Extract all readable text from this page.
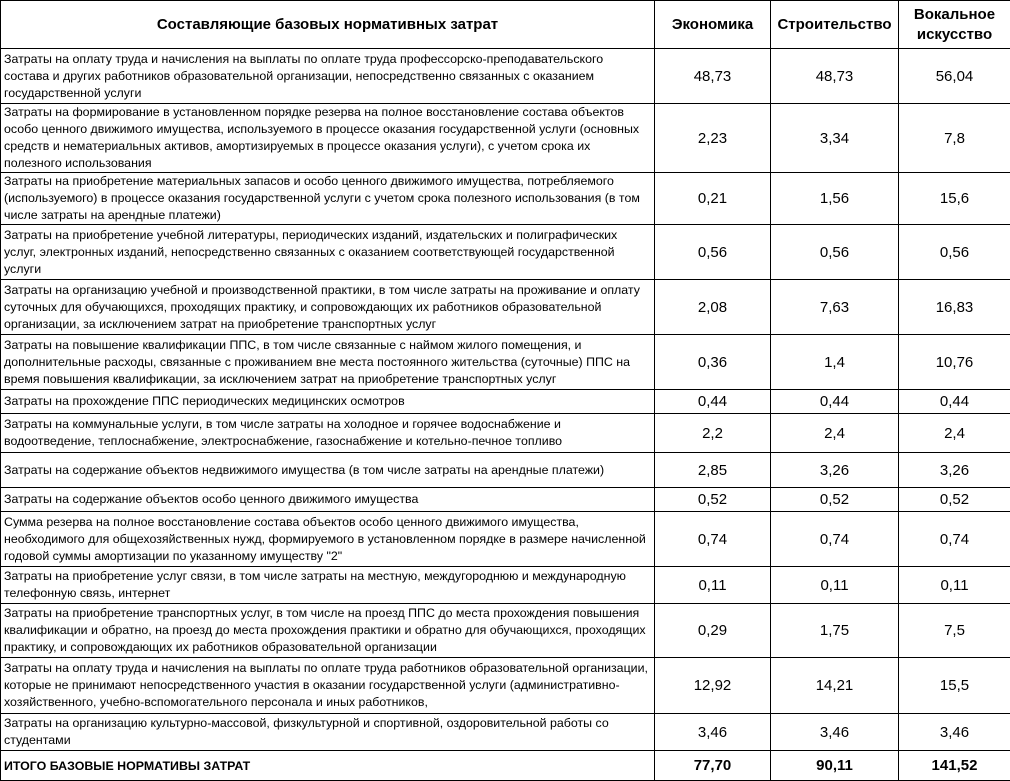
Составляющие базовых нормативных затрат	Экономика	Строительство	Вокальное искусство
Затраты на оплату труда и начисления на выплаты по оплате труда профессорско-преподавательского состава и других работников образовательной организации, непосредственно связанных с оказанием государственной услуги	48,73	48,73	56,04
Затраты на формирование в установленном порядке резерва на полное восстановление состава объектов особо ценного движимого имущества, используемого в процессе оказания государственной услуги (основных средств и нематериальных активов, амортизируемых в процессе оказания услуги), с учетом срока их полезного использования	2,23	3,34	7,8
Затраты на приобретение материальных запасов и особо ценного движимого имущества, потребляемого (используемого) в процессе оказания государственной услуги с учетом срока полезного использования (в том числе затраты на арендные платежи)	0,21	1,56	15,6
Затраты на приобретение учебной литературы, периодических изданий, издательских и полиграфических услуг, электронных изданий, непосредственно связанных с оказанием соответствующей государственной услуги	0,56	0,56	0,56
Затраты на организацию учебной и производственной практики, в том числе затраты на проживание и оплату суточных для обучающихся, проходящих практику, и сопровождающих их работников образовательной организации, за исключением затрат на приобретение транспортных услуг	2,08	7,63	16,83
Затраты на повышение квалификации ППС, в том числе связанные с наймом жилого помещения, и дополнительные расходы, связанные с проживанием вне места постоянного жительства (суточные) ППС на время повышения квалификации, за исключением затрат на приобретение транспортных услуг	0,36	1,4	10,76
Затраты на прохождение ППС периодических медицинских осмотров	0,44	0,44	0,44
Затраты на коммунальные услуги, в том числе затраты на холодное и горячее водоснабжение и водоотведение, теплоснабжение, электроснабжение, газоснабжение и котельно-печное топливо	2,2	2,4	2,4
Затраты на содержание объектов недвижимого имущества (в том числе затраты на арендные платежи)	2,85	3,26	3,26
Затраты на содержание объектов особо ценного движимого имущества	0,52	0,52	0,52
Сумма резерва на полное восстановление состава объектов особо ценного движимого имущества, необходимого для общехозяйственных нужд, формируемого в установленном порядке в размере начисленной годовой суммы амортизации по указанному имуществу "2"	0,74	0,74	0,74
Затраты на приобретение услуг связи, в том числе затраты на местную, междугороднюю и международную телефонную связь, интернет	0,11	0,11	0,11
Затраты на приобретение транспортных услуг, в том числе на проезд ППС до места прохождения повышения квалификации и обратно, на проезд до места прохождения практики и обратно для обучающихся, проходящих практику, и сопровождающих их работников образовательной организации	0,29	1,75	7,5
Затраты на оплату труда и начисления на выплаты по оплате труда работников образовательной организации, которые не принимают непосредственного участия в оказании государственной услуги (административно-хозяйственного, учебно-вспомогательного персонала и иных работников,	12,92	14,21	15,5
Затраты на организацию культурно-массовой, физкультурной и спортивной, оздоровительной работы со студентами	3,46	3,46	3,46
ИТОГО БАЗОВЫЕ НОРМАТИВЫ ЗАТРАТ	77,70	90,11	141,52
